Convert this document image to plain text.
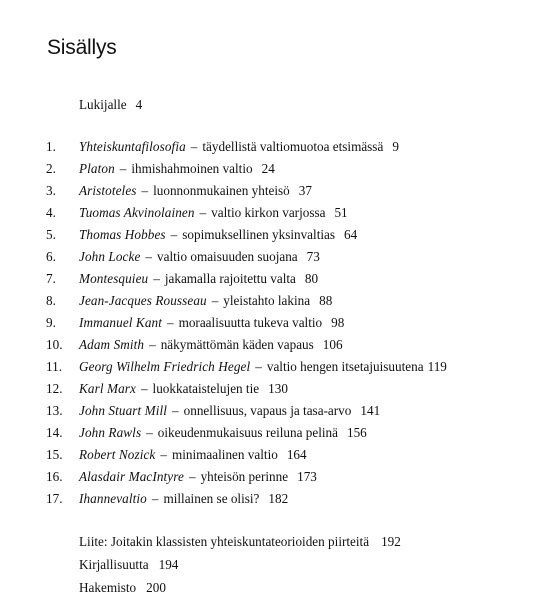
Sisällys
Lukijalle 4
1. Yhteiskuntafilosofia – täydellistä valtiomuotoa etsimässä 9
2. Platon – ihmishahmoinen valtio 24
3. Aristoteles – luonnonmukainen yhteisö 37
4. Tuomas Akvinolainen – valtio kirkon varjossa 51
5. Thomas Hobbes – sopimuksellinen yksinvaltias 64
6. John Locke – valtio omaisuuden suojana 73
7. Montesquieu – jakamalla rajoitettu valta 80
8. Jean-Jacques Rousseau – yleistahto lakina 88
9. Immanuel Kant – moraalisuutta tukeva valtio 98
10. Adam Smith – näkymättömän käden vapaus 106
11. Georg Wilhelm Friedrich Hegel – valtio hengen itsetajuisuutena 119
12. Karl Marx – luokkataistelujen tie 130
13. John Stuart Mill – onnellisuus, vapaus ja tasa-arvo 141
14. John Rawls – oikeudenmukaisuus reiluna pelinä 156
15. Robert Nozick – minimaalinen valtio 164
16. Alasdair MacIntyre – yhteisön perinne 173
17. Ihannevaltio – millainen se olisi? 182
Liite: Joitakin klassisten yhteiskuntateorioiden piirteitä 192
Kirjallisuutta 194
Hakemisto 200
